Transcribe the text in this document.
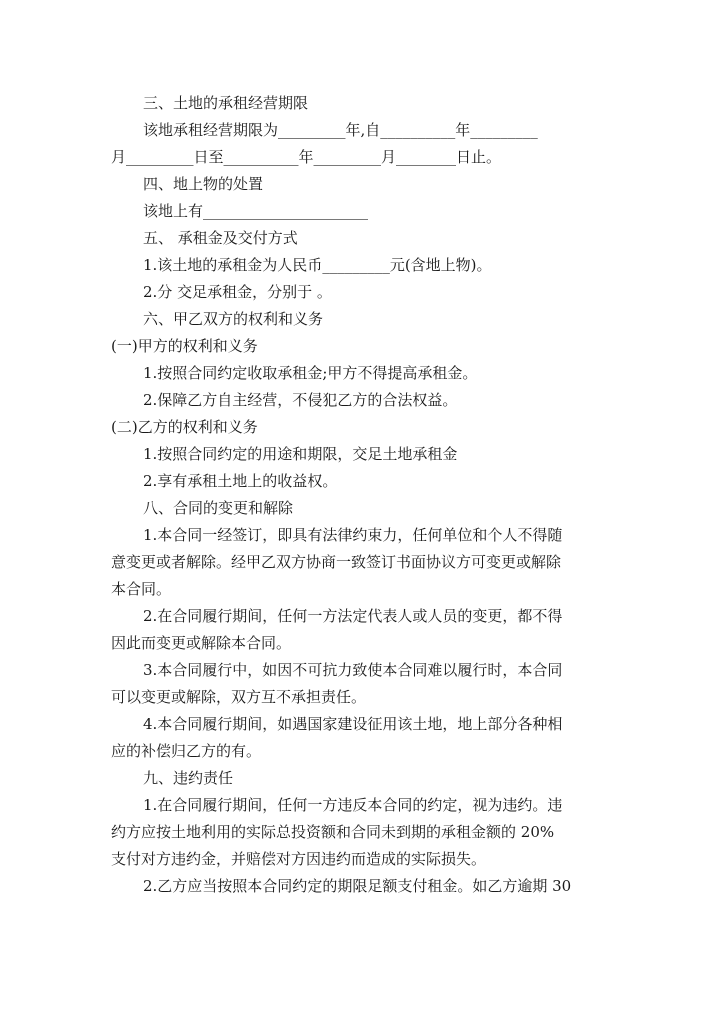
三、土地的承租经营期限
该地承租经营期限为_________年,自__________年_________
月_________日至__________年_________月________日止。
四、地上物的处置
该地上有______________________
五、 承租金及交付方式
1.该土地的承租金为人民币_________元(含地上物)。
2.分 交足承租金，分别于 。
六、甲乙双方的权利和义务
(一)甲方的权利和义务
1.按照合同约定收取承租金;甲方不得提高承租金。
2.保障乙方自主经营，不侵犯乙方的合法权益。
(二)乙方的权利和义务
1.按照合同约定的用途和期限，交足土地承租金
2.享有承租土地上的收益权。
八、合同的变更和解除
1.本合同一经签订，即具有法律约束力，任何单位和个人不得随
意变更或者解除。经甲乙双方协商一致签订书面协议方可变更或解除
本合同。
2.在合同履行期间，任何一方法定代表人或人员的变更，都不得
因此而变更或解除本合同。
3.本合同履行中，如因不可抗力致使本合同难以履行时，本合同
可以变更或解除，双方互不承担责任。
4.本合同履行期间，如遇国家建设征用该土地，地上部分各种相
应的补偿归乙方的有。
九、违约责任
1.在合同履行期间，任何一方违反本合同的约定，视为违约。违
约方应按土地利用的实际总投资额和合同未到期的承租金额的 20%
支付对方违约金，并赔偿对方因违约而造成的实际损失。
2.乙方应当按照本合同约定的期限足额支付租金。如乙方逾期 30
